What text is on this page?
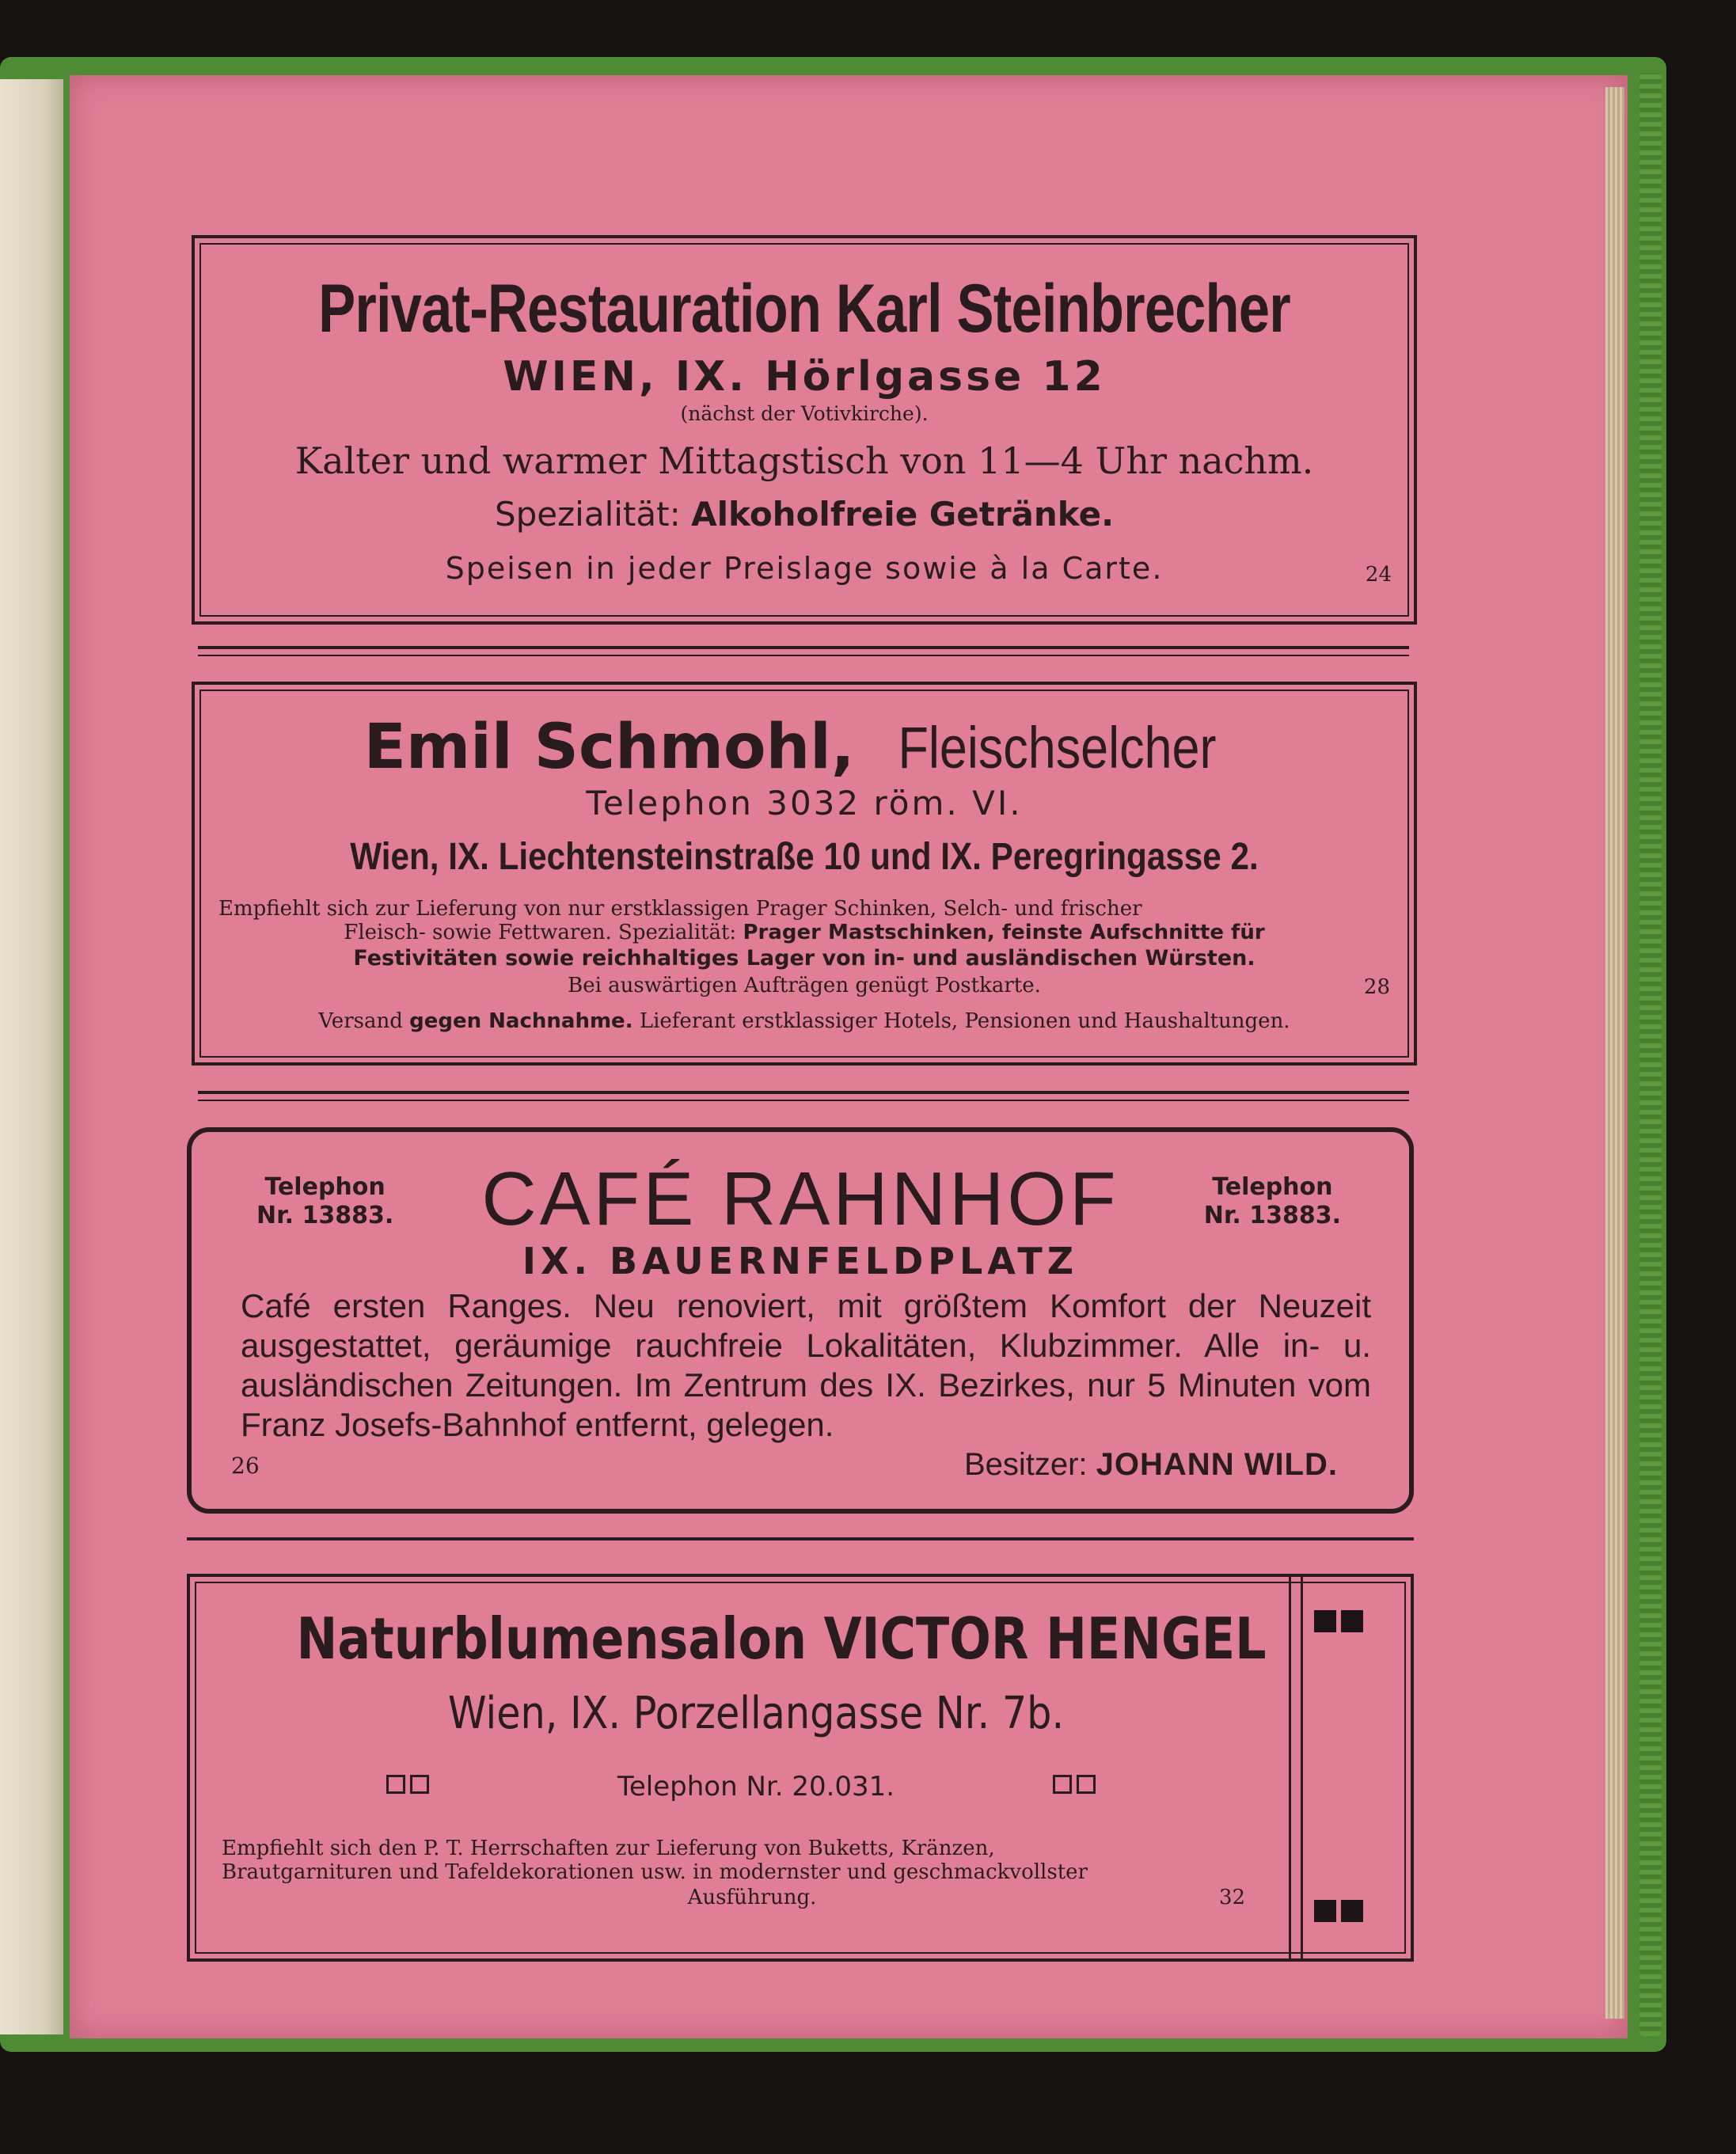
Privat-Restauration Karl Steinbrecher
WIEN, IX. Hörlgasse 12
(nächst der Votivkirche).
Kalter und warmer Mittagstisch von 11—4 Uhr nachm.
Spezialität: Alkoholfreie Getränke.
Speisen in jeder Preislage sowie à la Carte.	24
Emil Schmohl, Fleischselcher
Telephon 3032 röm. VI.
Wien, IX. Liechtensteinstraße 10 und IX. Peregringasse 2.
Empfiehlt sich zur Lieferung von nur erstklassigen Prager Schinken, Selch- und frischer
Fleisch- sowie Fettwaren. Spezialität: Prager Mastschinken, feinste Aufschnitte für
Festivitäten sowie reichhaltiges Lager von in- und ausländischen Würsten.
Bei auswärtigen Aufträgen genügt Postkarte.	28
Versand gegen Nachnahme. Lieferant erstklassiger Hotels, Pensionen und Haushaltungen.
Telephon
Nr. 13883.
Telephon
Nr. 13883.
CAFÉ RAHNHOF
IX. BAUERNFELDPLATZ
Café ersten Ranges. Neu renoviert, mit größtem Komfort der Neuzeit ausgestattet, geräumige rauchfreie Lokalitäten, Klubzimmer. Alle in- u. ausländischen Zeitungen. Im Zentrum des IX. Bezirkes, nur 5 Minuten vom Franz Josefs-Bahnhof entfernt, gelegen.
26	Besitzer: JOHANN WILD.
Naturblumensalon VICTOR HENGEL
Wien, IX. Porzellangasse Nr. 7b.
Telephon Nr. 20.031.
Empfiehlt sich den P. T. Herrschaften zur Lieferung von Buketts, Kränzen,
Brautgarnituren und Tafeldekorationen usw. in modernster und geschmackvollster
Ausführung.	32
